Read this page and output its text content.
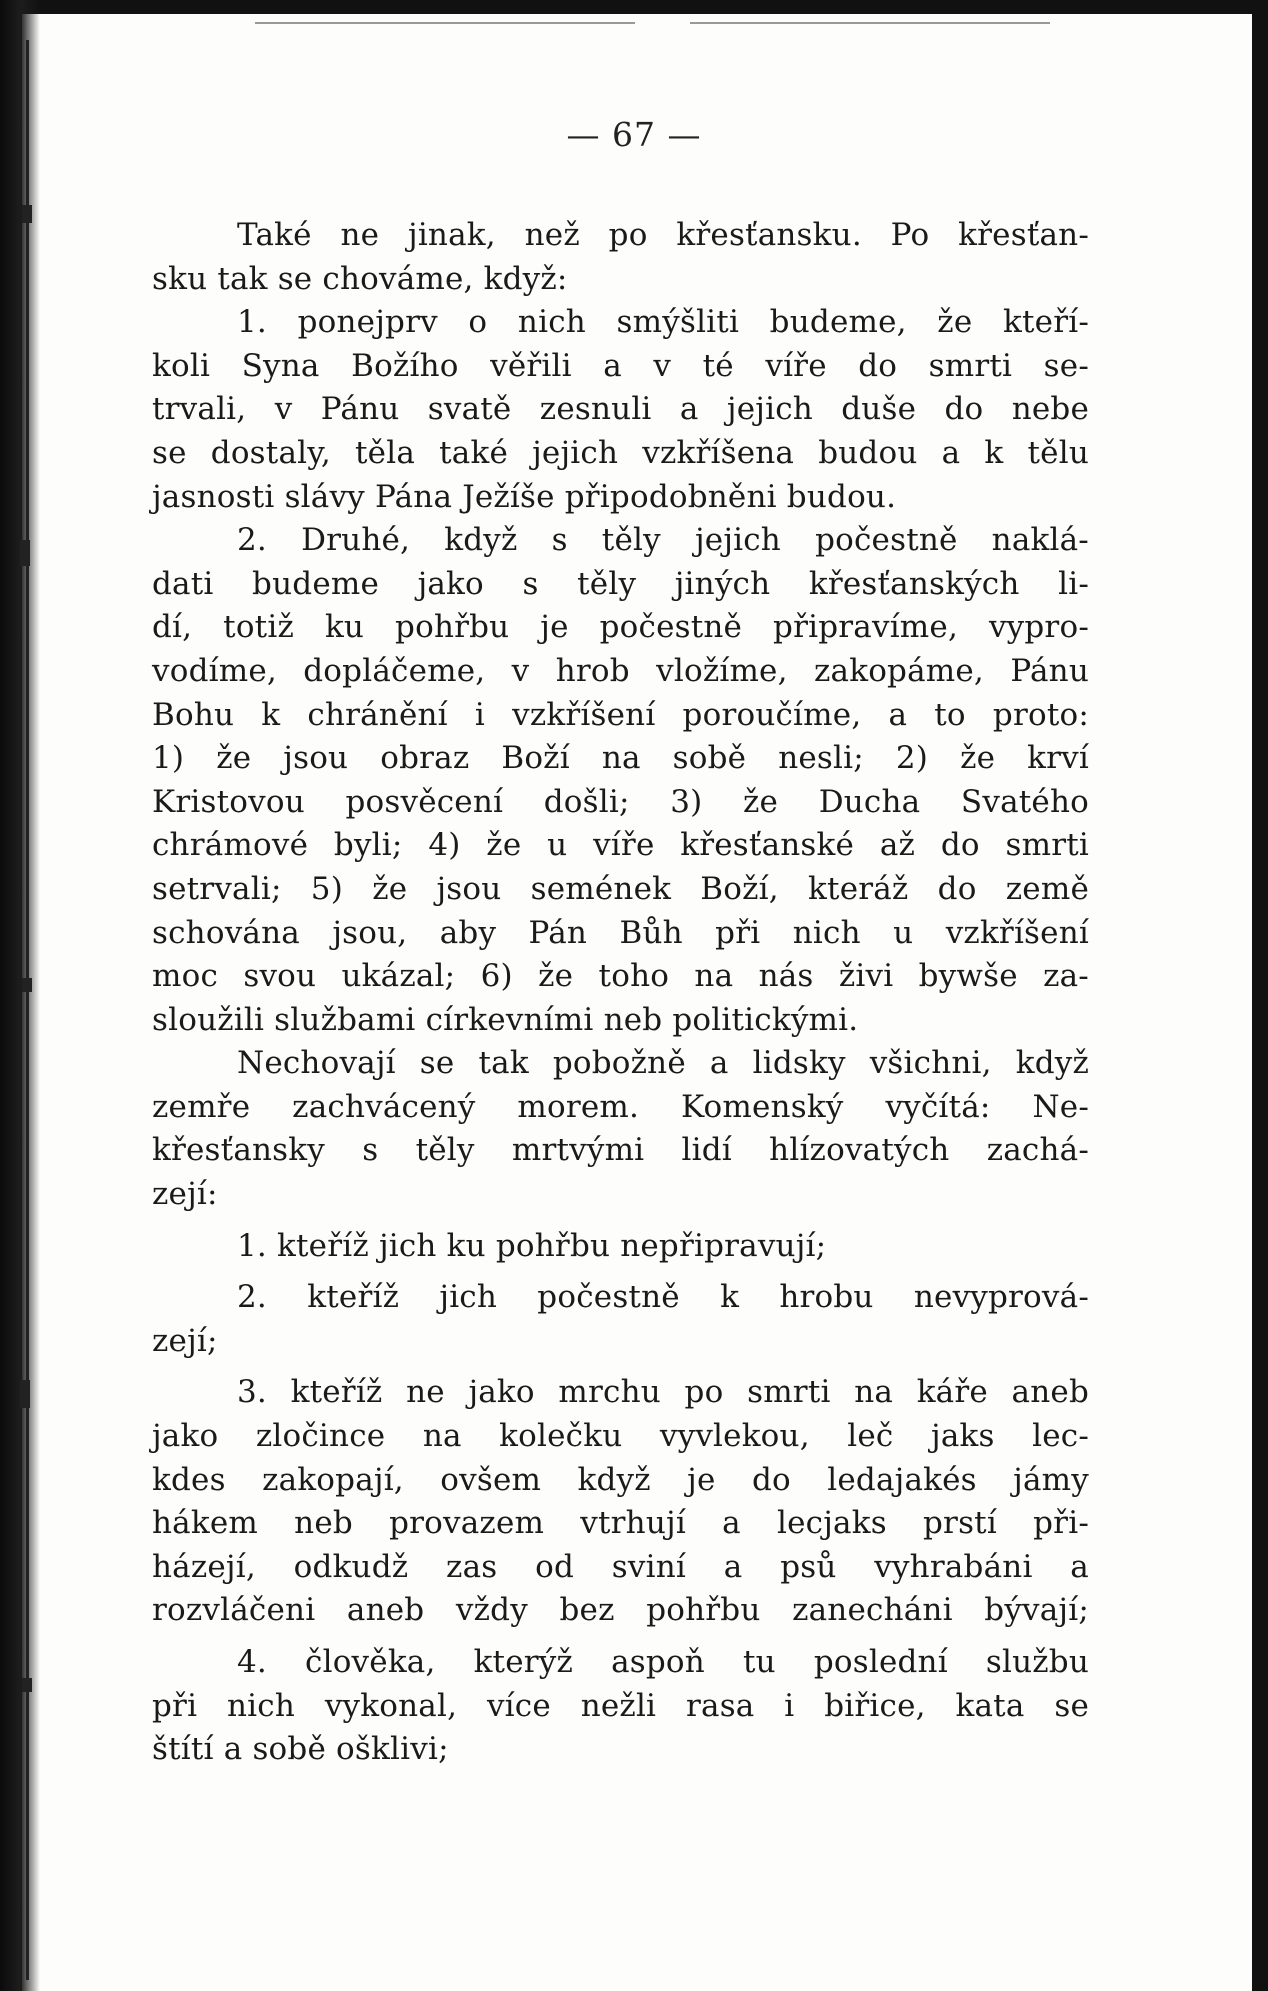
— 67 —
Také ne jinak, než po křesťansku. Po křesťan-
sku tak se chováme, když:
1. ponejprv o nich smýšliti budeme, že kteří-
koli Syna Božího věřili a v té víře do smrti se-
trvali, v Pánu svatě zesnuli a jejich duše do nebe
se dostaly, těla také jejich vzkříšena budou a k tělu
jasnosti slávy Pána Ježíše připodobněni budou.
2. Druhé, když s těly jejich počestně naklá-
dati budeme jako s těly jiných křesťanských li-
dí, totiž ku pohřbu je počestně připravíme, vypro-
vodíme, dopláčeme, v hrob vložíme, zakopáme, Pánu
Bohu k chránění i vzkříšení poroučíme, a to proto:
1) že jsou obraz Boží na sobě nesli; 2) že krví
Kristovou posvěcení došli; 3) že Ducha Svatého
chrámové byli; 4) že u víře křesťanské až do smrti
setrvali; 5) že jsou semének Boží, kteráž do země
schována jsou, aby Pán Bůh při nich u vzkříšení
moc svou ukázal; 6) že toho na nás živi bywše za-
sloužili službami církevními neb politickými.
Nechovají se tak pobožně a lidsky všichni, když
zemře zachvácený morem. Komenský vyčítá: Ne-
křesťansky s těly mrtvými lidí hlízovatých zachá-
zejí:
1. kteříž jich ku pohřbu nepřipravují;
2. kteříž jich počestně k hrobu nevyprová-
zejí;
3. kteříž ne jako mrchu po smrti na káře aneb
jako zločince na kolečku vyvlekou, leč jaks lec-
kdes zakopají, ovšem když je do ledajakés jámy
hákem neb provazem vtrhují a lecjaks prstí při-
házejí, odkudž zas od sviní a psů vyhrabáni a
rozvláčeni aneb vždy bez pohřbu zanecháni bývají;
4. člověka, kterýž aspoň tu poslední službu
při nich vykonal, více nežli rasa i biřice, kata se
štítí a sobě ošklivi;
